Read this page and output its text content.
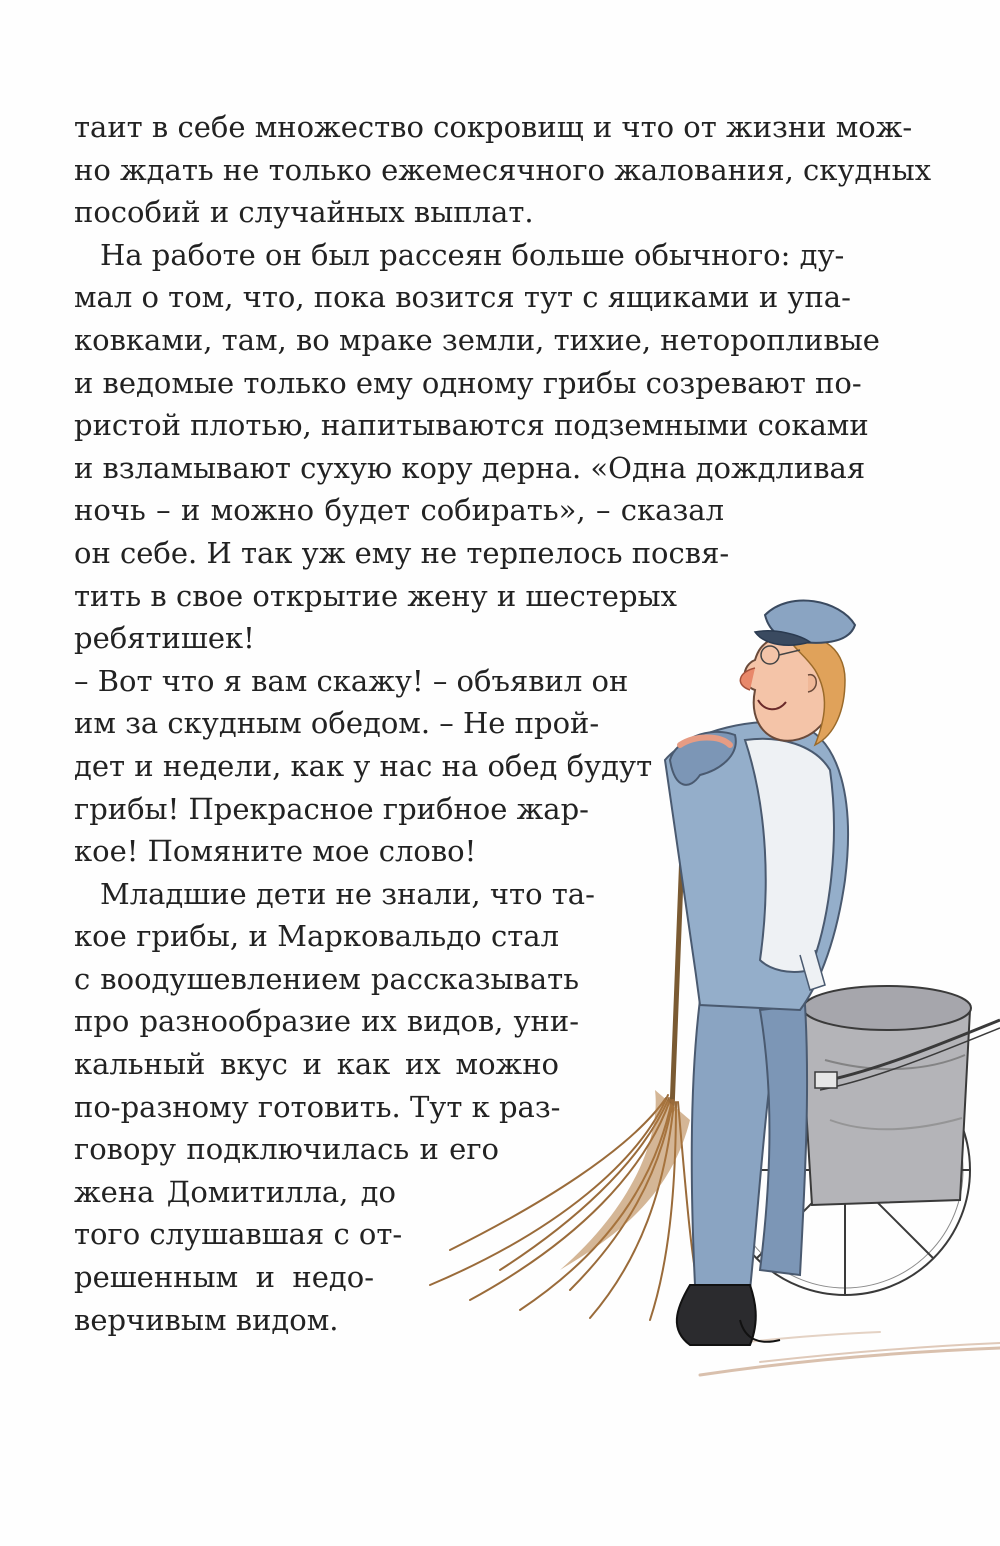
таит в себе множество сокровищ и что от жизни мож-
но ждать не только ежемесячного жалования, скудных
пособий и случайных выплат.
На работе он был рассеян больше обычного: ду-
мал о том, что, пока возится тут с ящиками и упа-
ковками, там, во мраке земли, тихие, неторопливые
и ведомые только ему одному грибы созревают по-
ристой плотью, напитываются подземными соками
и взламывают сухую кору дерна. «Одна дождливая
ночь – и можно будет собирать», – сказал
он себе. И так уж ему не терпелось посвя-
тить в свое открытие жену и шестерых
ребятишек!
– Вот что я вам скажу! – объявил он
им за скудным обедом. – Не прой-
дет и недели, как у нас на обед будут
грибы! Прекрасное грибное жар-
кое! Помяните мое слово!
Младшие дети не знали, что та-
кое грибы, и Марковальдо стал
с воодушевлением рассказывать
про разнообразие их видов, уни-
кальный вкус и как их можно
по-разному готовить. Тут к раз-
говору подключилась и его
жена Домитилла, до
того слушавшая с от-
решенным и недо-
верчивым видом.
